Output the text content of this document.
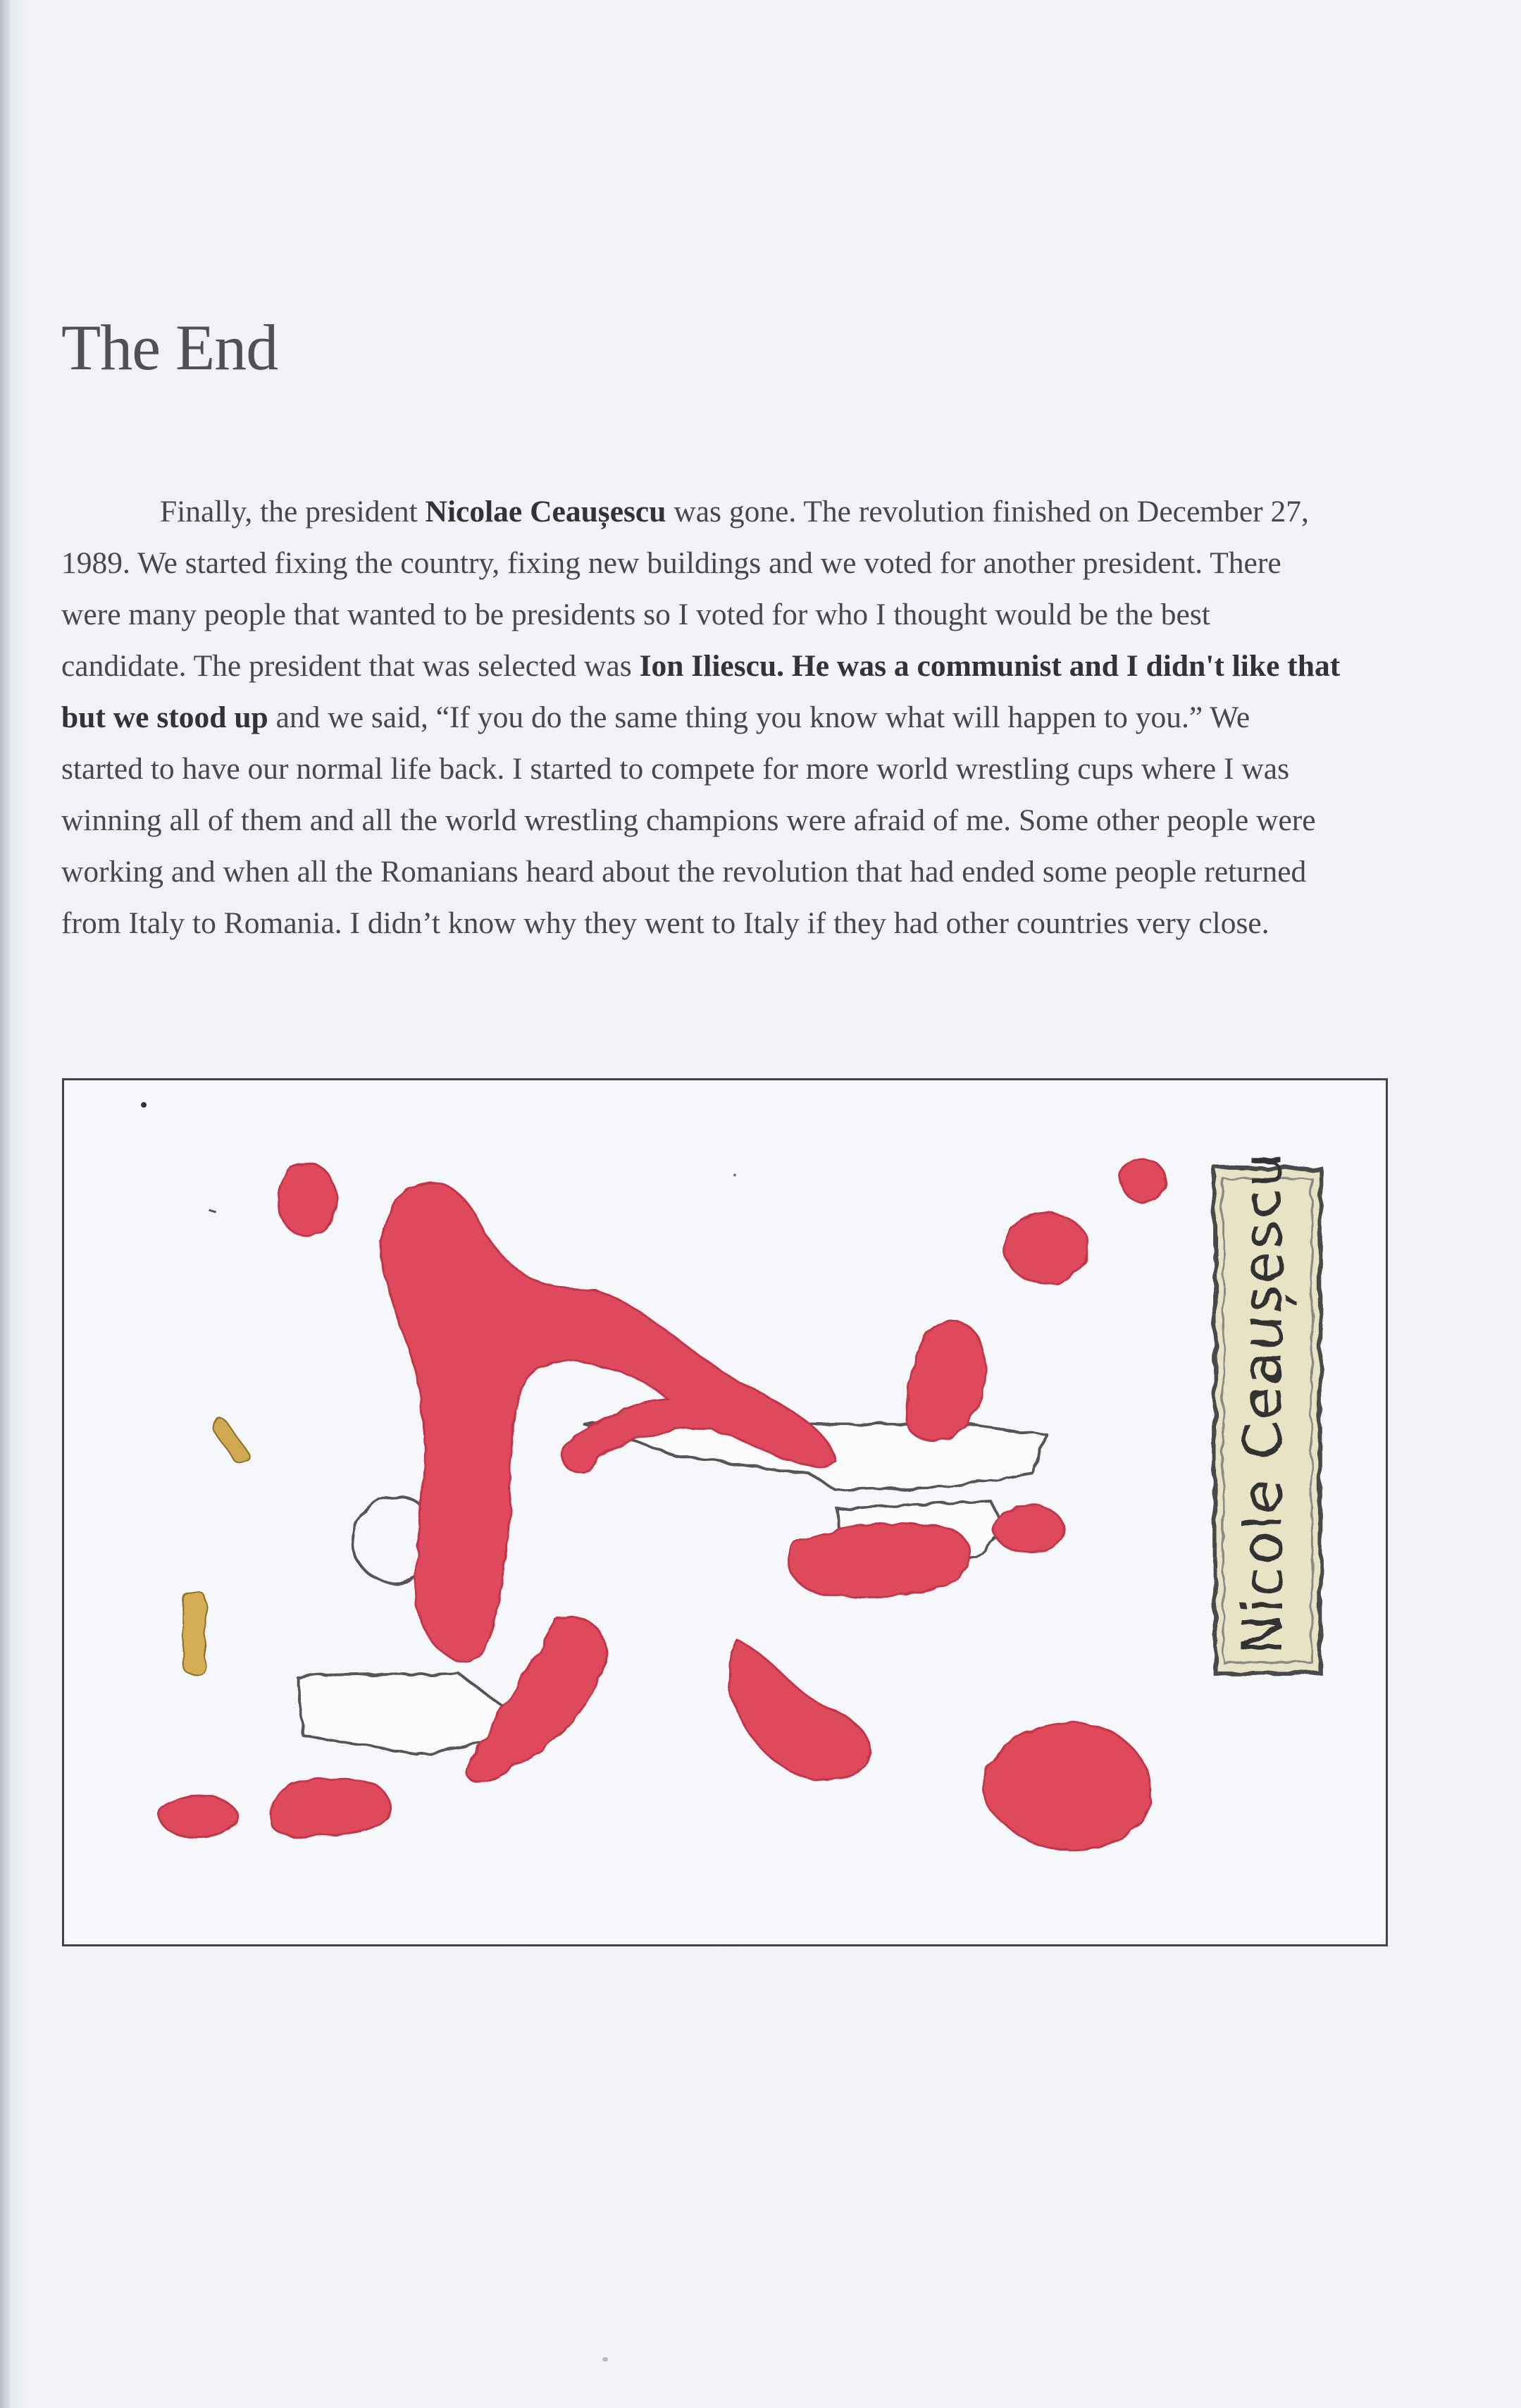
The End

Finally, the president Nicolae Ceaușescu was gone. The revolution finished on December 27,
1989. We started fixing the country, fixing new buildings and we voted for another president. There
were many people that wanted to be presidents so I voted for who I thought would be the best
candidate. The president that was selected was Ion Iliescu. He was a communist and I didn't like that
but we stood up and we said, “If you do the same thing you know what will happen to you.” We
started to have our normal life back. I started to compete for more world wrestling cups where I was
winning all of them and all the world wrestling champions were afraid of me. Some other people were
working and when all the Romanians heard about the revolution that had ended some people returned
from Italy to Romania. I didn’t know why they went to Italy if they had other countries very close.

Nicole Ceaușescu
